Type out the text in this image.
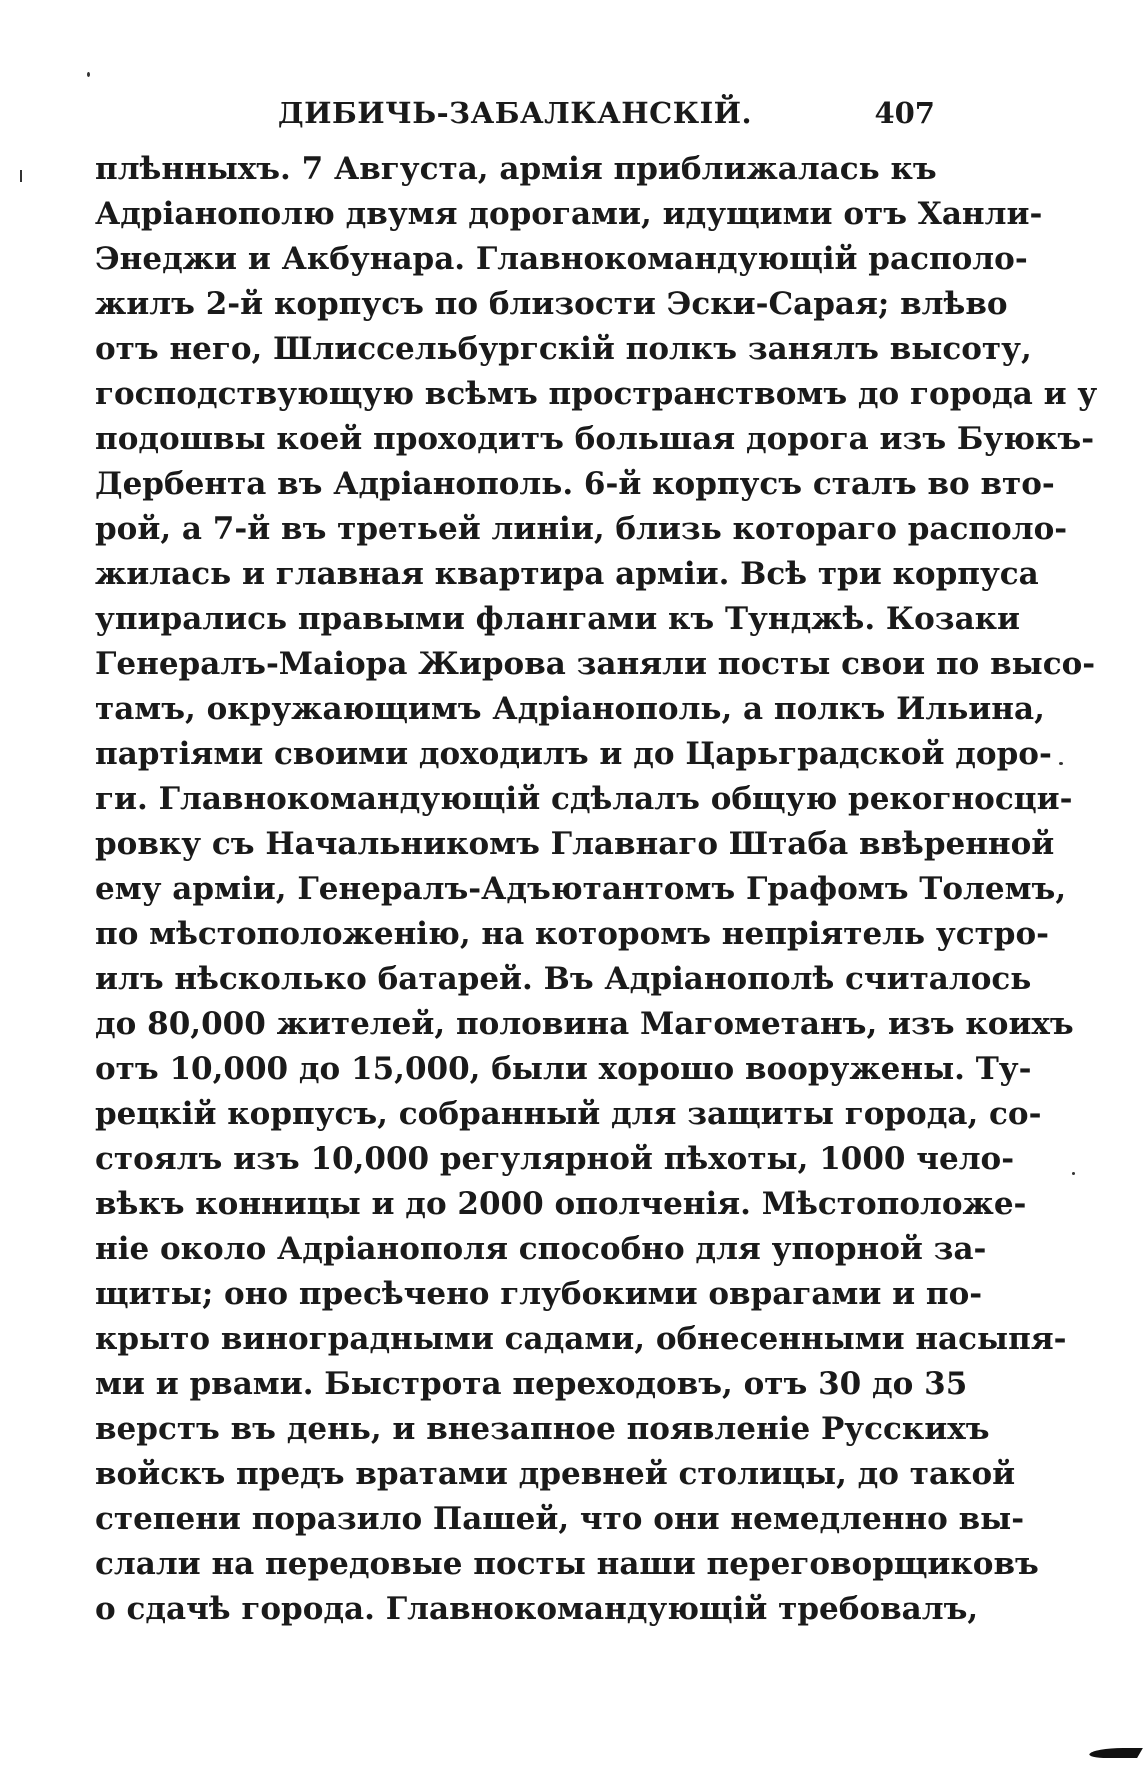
ДИБИЧЬ-ЗАБАЛКАНСКІЙ.	407
плѣнныхъ. 7 Августа, армія приближалась къ
Адріанополю двумя дорогами, идущими отъ Ханли-
Энеджи и Акбунара. Главнокомандующій располо-
жилъ 2-й корпусъ по близости Эски-Сарая; влѣво
отъ него, Шлиссельбургскій полкъ занялъ высоту,
господствующую всѣмъ пространствомъ до города и у
подошвы коей проходитъ большая дорога изъ Буюкъ-
Дербента въ Адріанополь. 6-й корпусъ сталъ во вто-
рой, а 7-й въ третьей линіи, близь котораго располо-
жилась и главная квартира арміи. Всѣ три корпуса
упирались правыми флангами къ Тунджѣ. Козаки
Генералъ-Маіора Жирова заняли посты свои по высо-
тамъ, окружающимъ Адріанополь, а полкъ Ильина,
партіями своими доходилъ и до Царьградской доро-
ги. Главнокомандующій сдѣлалъ общую рекогносци-
ровку съ Начальникомъ Главнаго Штаба ввѣренной
ему арміи, Генералъ-Адъютантомъ Графомъ Толемъ,
по мѣстоположенію, на которомъ непріятель устро-
илъ нѣсколько батарей. Въ Адріанополѣ считалось
до 80,000 жителей, половина Магометанъ, изъ коихъ
отъ 10,000 до 15,000, были хорошо вооружены. Ту-
рецкій корпусъ, собранный для защиты города, со-
стоялъ изъ 10,000 регулярной пѣхоты, 1000 чело-
вѣкъ конницы и до 2000 ополченія. Мѣстоположе-
ніе около Адріанополя способно для упорной за-
щиты; оно пресѣчено глубокими оврагами и по-
крыто виноградными садами, обнесенными насыпя-
ми и рвами. Быстрота переходовъ, отъ 30 до 35
верстъ въ день, и внезапное появленіе Русскихъ
войскъ предъ вратами древней столицы, до такой
степени поразило Пашей, что они немедленно вы-
слали на передовые посты наши переговорщиковъ
о сдачѣ города. Главнокомандующій требовалъ,
